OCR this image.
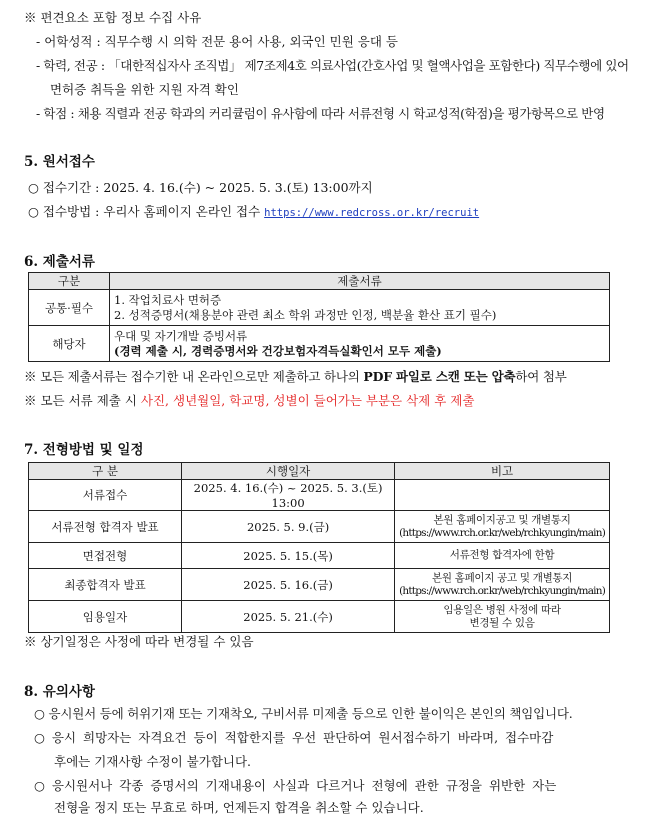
※ 편견요소 포함 정보 수집 사유
- 어학성적 : 직무수행 시 의학 전문 용어 사용, 외국인 민원 응대 등
- 학력, 전공 : 「대한적십자사 조직법」 제7조제4호 의료사업(간호사업 및 혈액사업을 포함한다) 직무수행에 있어
면허증 취득을 위한 지원 자격 확인
- 학점 : 채용 직렬과 전공 학과의 커리큘럼이 유사함에 따라 서류전형 시 학교성적(학점)을 평가항목으로 반영
5. 원서접수
○ 접수기간 : 2025. 4. 16.(수) ~ 2025. 5. 3.(토) 13:00까지
○ 접수방법 : 우리사 홈페이지 온라인 접수 https://www.redcross.or.kr/recruit
6. 제출서류
구분	제출서류
공통·필수	1. 작업치료사 면허증
2. 성적증명서(채용분야 관련 최소 학위 과정만 인정, 백분율 환산 표기 필수)

해당자	우대 및 자기개발 증빙서류
(경력 제출 시, 경력증명서와 건강보험자격득실확인서 모두 제출)
※ 모든 제출서류는 접수기한 내 온라인으로만 제출하고 하나의 PDF 파일로 스캔 또는 압축하여 첨부
※ 모든 서류 제출 시 사진, 생년월일, 학교명, 성별이 들어가는 부분은 삭제 후 제출
7. 전형방법 및 일정
구 분	시행일자	비고
서류접수	2025. 4. 16.(수) ~ 2025. 5. 3.(토) 13:00	
서류전형 합격자 발표	2025. 5. 9.(금)	본원 홈페이지공고 및 개별통지
(https://www.rch.or.kr/web/rchkyungin/main)

면접전형	2025. 5. 15.(목)	서류전형 합격자에 한함
최종합격자 발표	2025. 5. 16.(금)	본원 홈페이지 공고 및 개별통지
(https://www.rch.or.kr/web/rchkyungin/main)

임용일자	2025. 5. 21.(수)	임용일은 병원 사정에 따라
변경될 수 있음
※ 상기일정은 사정에 따라 변경될 수 있음
8. 유의사항
○ 응시원서 등에 허위기재 또는 기재착오, 구비서류 미제출 등으로 인한 불이익은 본인의 책임입니다.
○ 응시 희망자는 자격요건 등이 적합한지를 우선 판단하여 원서접수하기 바라며, 접수마감
후에는 기재사항 수정이 불가합니다.
○ 응시원서나 각종 증명서의 기재내용이 사실과 다르거나 전형에 관한 규정을 위반한 자는
전형을 정지 또는 무효로 하며, 언제든지 합격을 취소할 수 있습니다.
